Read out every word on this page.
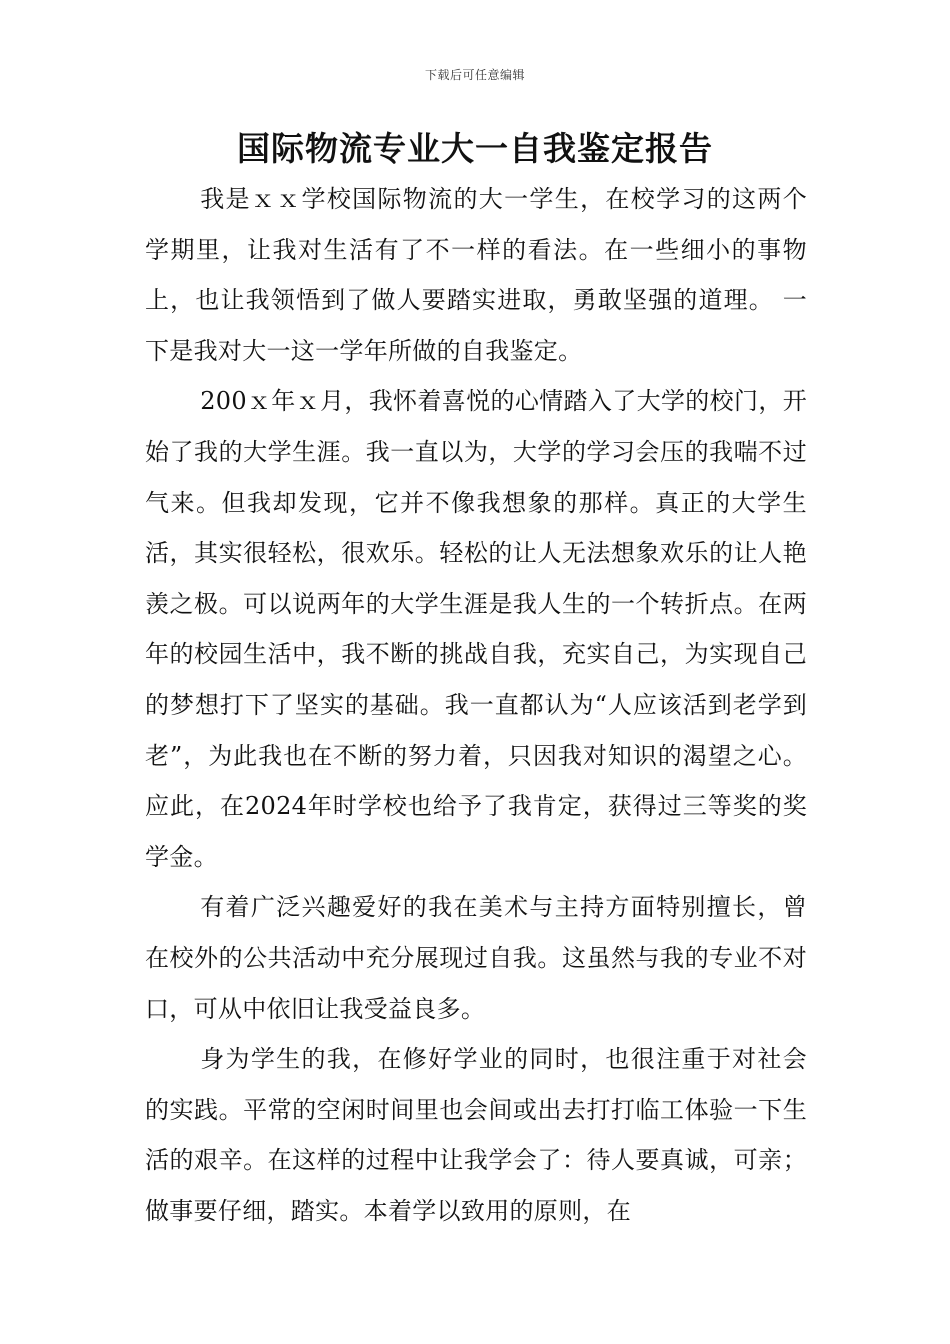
下载后可任意编辑
国际物流专业大一自我鉴定报告

我是ｘｘ学校国际物流的大一学生，在校学习的这两个学期里，让我对生活有了不一样的看法。在一些细小的事物上，也让我领悟到了做人要踏实进取，勇敢坚强的道理。 一下是我对大一这一学年所做的自我鉴定。

200ｘ年ｘ月，我怀着喜悦的心情踏入了大学的校门，开始了我的大学生涯。我一直以为，大学的学习会压的我喘不过气来。但我却发现，它并不像我想象的那样。真正的大学生活，其实很轻松，很欢乐。轻松的让人无法想象欢乐的让人艳羡之极。可以说两年的大学生涯是我人生的一个转折点。在两年的校园生活中，我不断的挑战自我，充实自己，为实现自己的梦想打下了坚实的基础。我一直都认为“人应该活到老学到老”，为此我也在不断的努力着，只因我对知识的渴望之心。应此，在2024年时学校也给予了我肯定，获得过三等奖的奖学金。

有着广泛兴趣爱好的我在美术与主持方面特别擅长，曾在校外的公共活动中充分展现过自我。这虽然与我的专业不对口，可从中依旧让我受益良多。

身为学生的我，在修好学业的同时，也很注重于对社会的实践。平常的空闲时间里也会间或出去打打临工体验一下生活的艰辛。在这样的过程中让我学会了：待人要真诚，可亲；做事要仔细，踏实。本着学以致用的原则，在
